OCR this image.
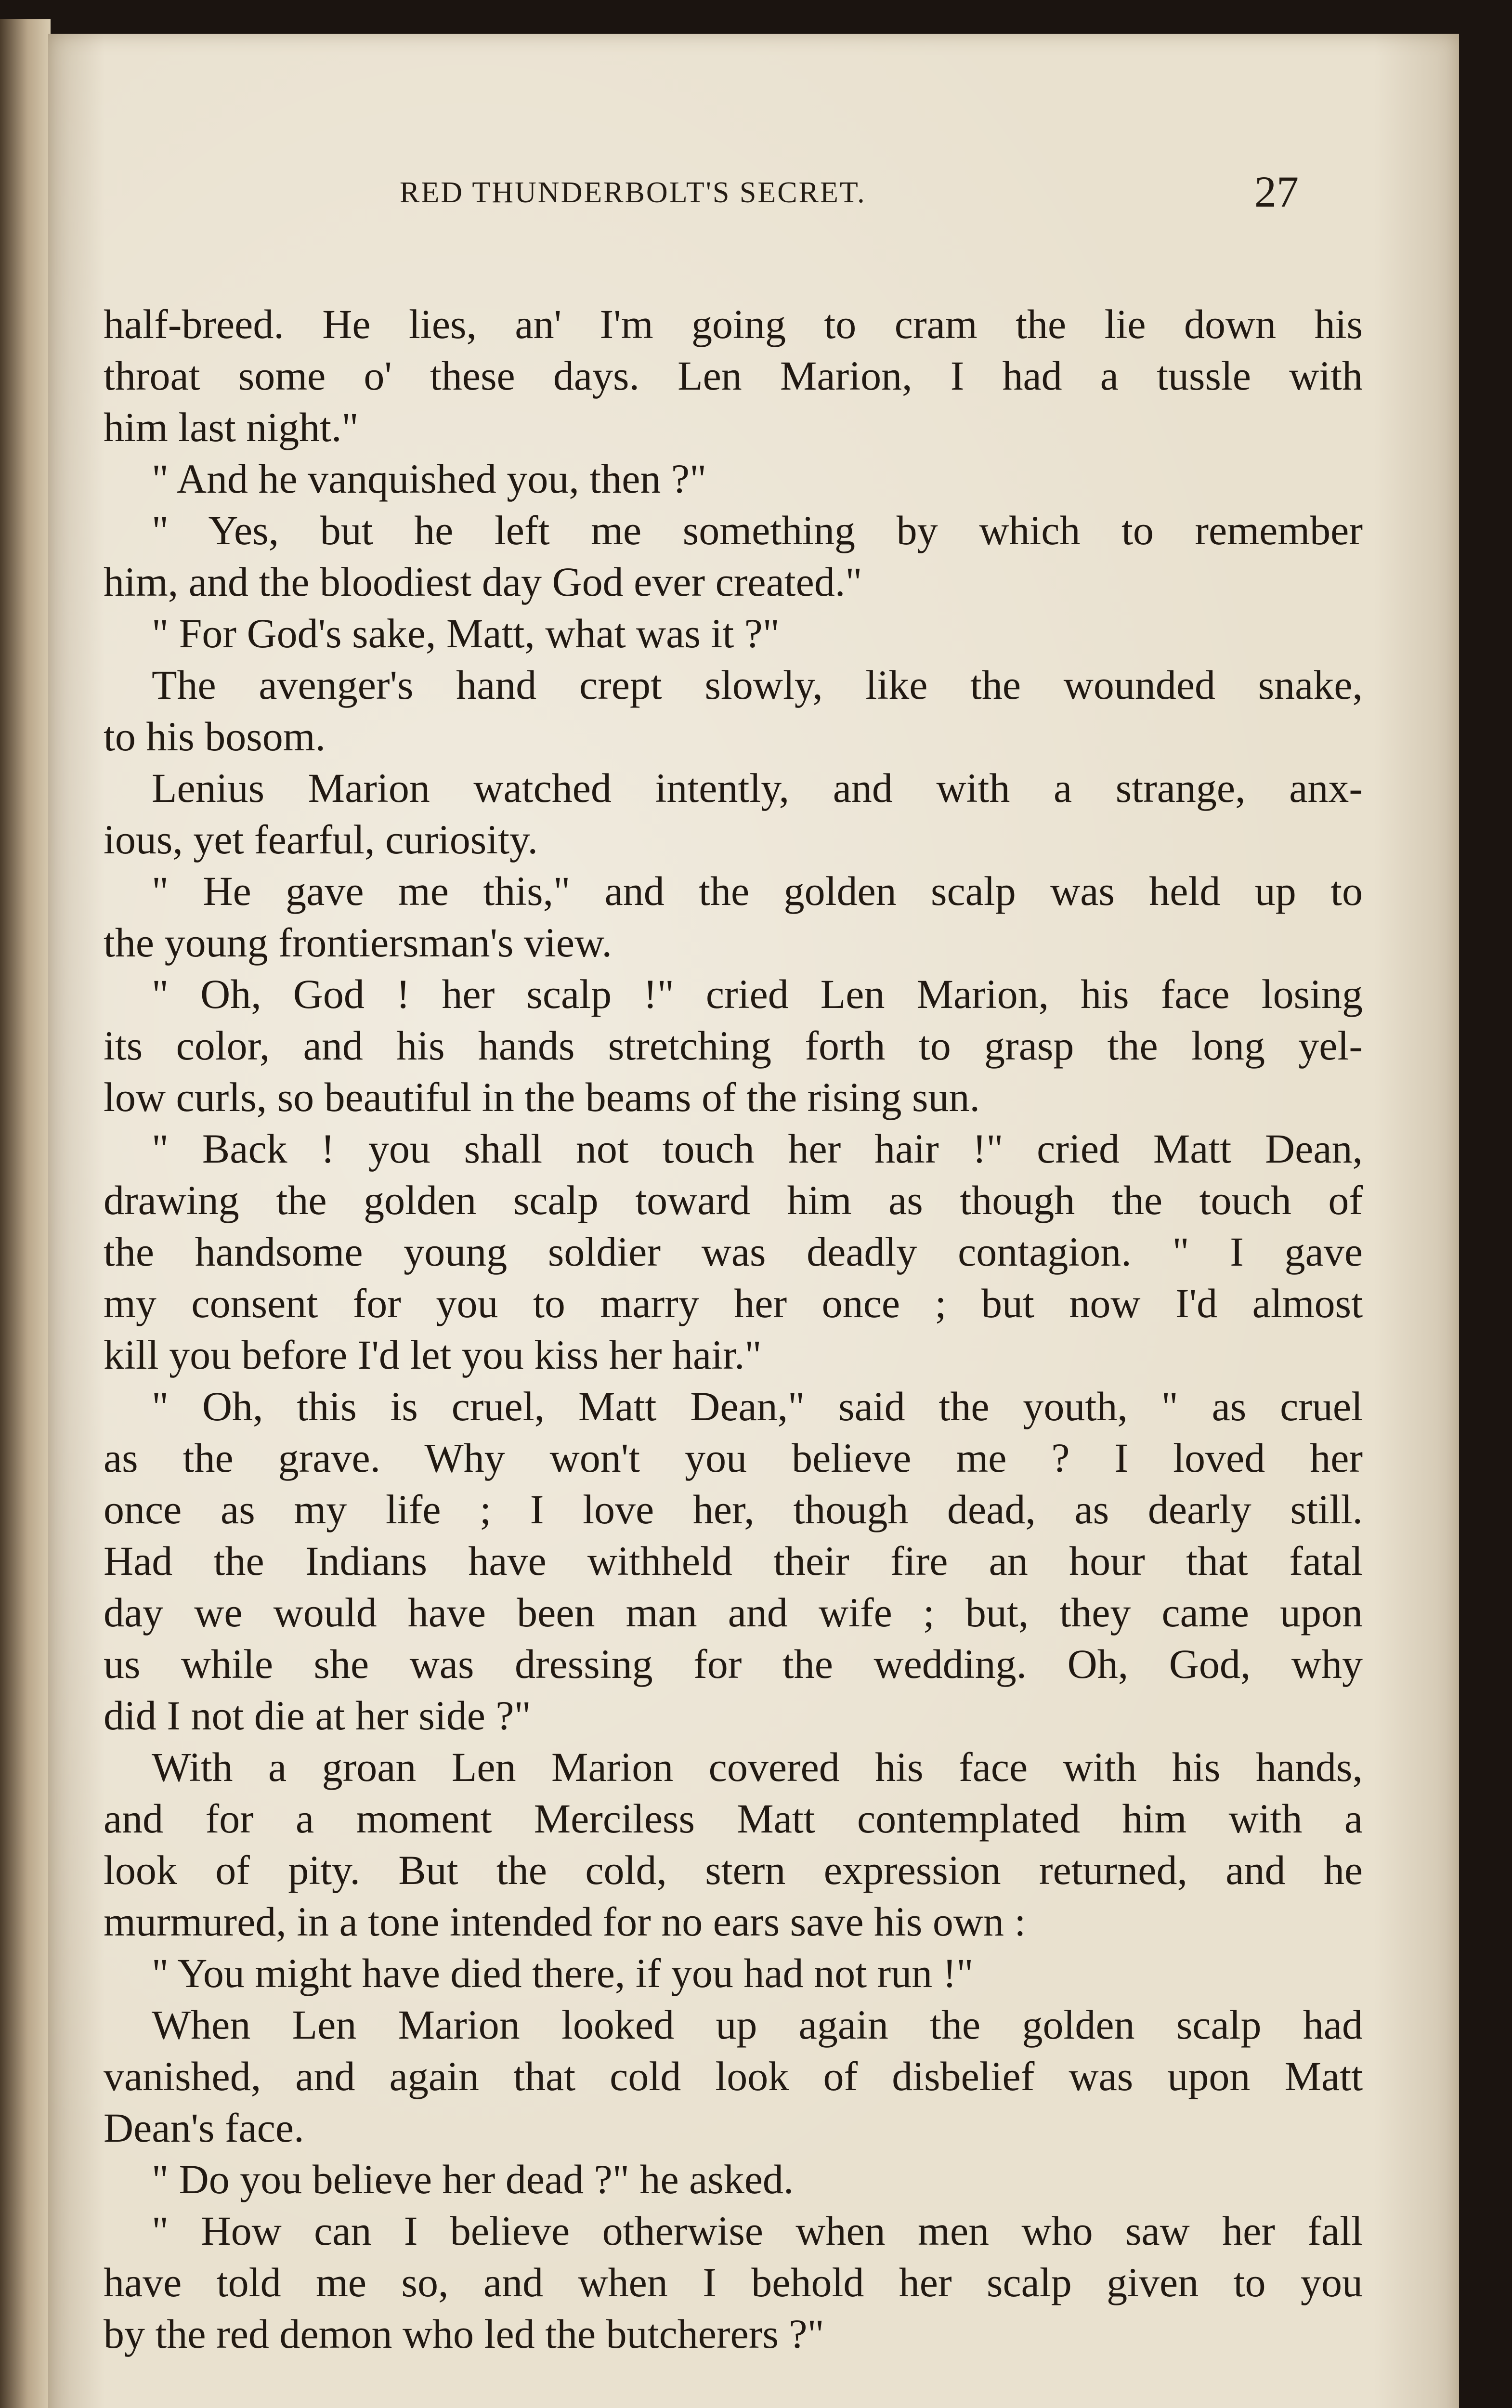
RED THUNDERBOLT'S SECRET.	27
half-breed. He lies, an' I'm going to cram the lie down his
throat some o' these days. Len Marion, I had a tussle with
him last night."
" And he vanquished you, then ?"
" Yes, but he left me something by which to remember
him, and the bloodiest day God ever created."
" For God's sake, Matt, what was it ?"
The avenger's hand crept slowly, like the wounded snake,
to his bosom.
Lenius Marion watched intently, and with a strange, anx-
ious, yet fearful, curiosity.
" He gave me this," and the golden scalp was held up to
the young frontiersman's view.
" Oh, God ! her scalp !" cried Len Marion, his face losing
its color, and his hands stretching forth to grasp the long yel-
low curls, so beautiful in the beams of the rising sun.
" Back ! you shall not touch her hair !" cried Matt Dean,
drawing the golden scalp toward him as though the touch of
the handsome young soldier was deadly contagion. " I gave
my consent for you to marry her once ; but now I'd almost
kill you before I'd let you kiss her hair."
" Oh, this is cruel, Matt Dean," said the youth, " as cruel
as the grave. Why won't you believe me ? I loved her
once as my life ; I love her, though dead, as dearly still.
Had the Indians have withheld their fire an hour that fatal
day we would have been man and wife ; but, they came upon
us while she was dressing for the wedding. Oh, God, why
did I not die at her side ?"
With a groan Len Marion covered his face with his hands,
and for a moment Merciless Matt contemplated him with a
look of pity. But the cold, stern expression returned, and he
murmured, in a tone intended for no ears save his own :
" You might have died there, if you had not run !"
When Len Marion looked up again the golden scalp had
vanished, and again that cold look of disbelief was upon Matt
Dean's face.
" Do you believe her dead ?" he asked.
" How can I believe otherwise when men who saw her fall
have told me so, and when I behold her scalp given to you
by the red demon who led the butcherers ?"
